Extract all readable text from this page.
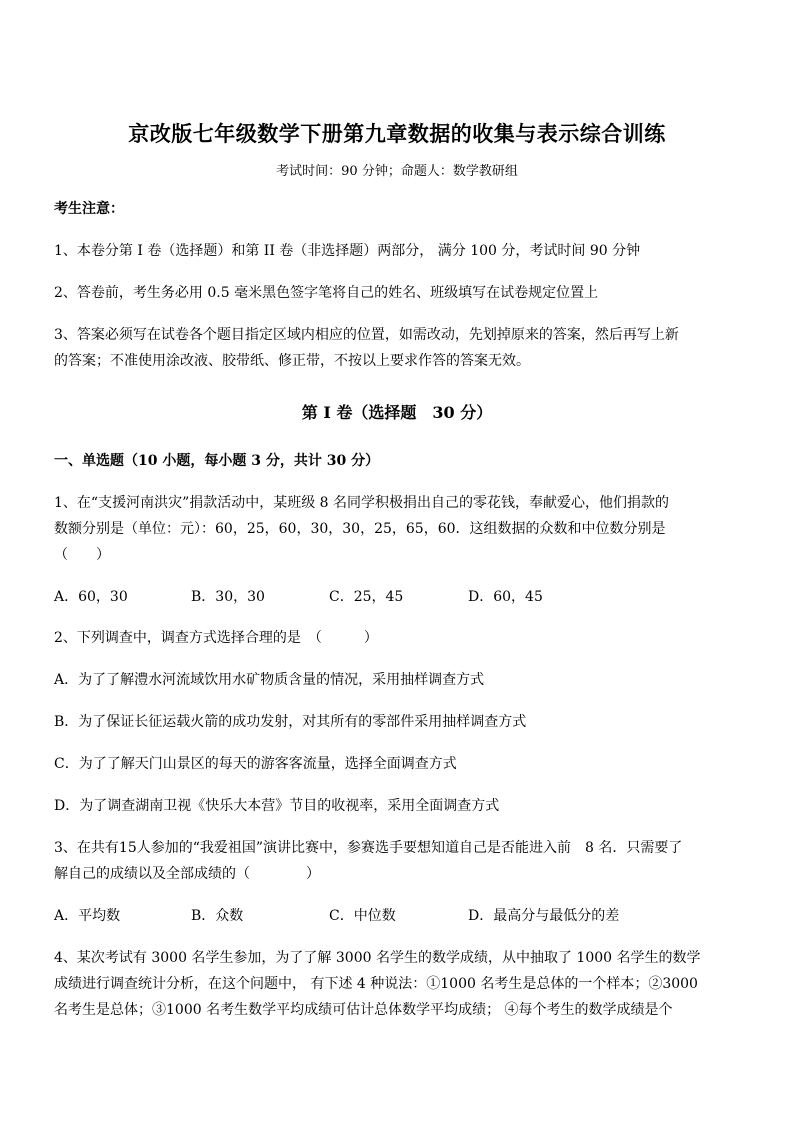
京改版七年级数学下册第九章数据的收集与表示综合训练
考试时间：90 分钟；命题人：数学教研组
考生注意：
1、本卷分第 I 卷（选择题）和第 II 卷（非选择题）两部分， 满分 100 分，考试时间 90 分钟
2、答卷前，考生务必用 0.5 毫米黑色签字笔将自己的姓名、班级填写在试卷规定位置上
3、答案必须写在试卷各个题目指定区域内相应的位置，如需改动，先划掉原来的答案，然后再写上新
的答案；不准使用涂改液、胶带纸、修正带，不按以上要求作答的答案无效。
第 I 卷（选择题　30 分）
一、单选题（10 小题，每小题 3 分，共计 30 分）
1、在“支援河南洪灾”捐款活动中，某班级 8 名同学积极捐出自己的零花钱，奉献爱心，他们捐款的
数额分别是（单位：元）：60，25，60，30，30，25，65，60．这组数据的众数和中位数分别是
（　　）
A．60，30	B．30，30	C．25，45	D．60，45
2、下列调查中，调查方式选择合理的是　（　　　）
A．为了了解澧水河流域饮用水矿物质含量的情况，采用抽样调查方式
B．为了保证长征运载火箭的成功发射，对其所有的零部件采用抽样调查方式
C．为了了解天门山景区的每天的游客客流量，选择全面调查方式
D．为了调查湖南卫视《快乐大本营》节目的收视率，采用全面调查方式
3、在共有15人参加的“我爱祖国”演讲比赛中，参赛选手要想知道自己是否能进入前　8 名．只需要了
解自己的成绩以及全部成绩的（　　　　）
A．平均数	B．众数	C．中位数	D．最高分与最低分的差
4、某次考试有 3000 名学生参加，为了了解 3000 名学生的数学成绩，从中抽取了 1000 名学生的数学
成绩进行调查统计分析，在这个问题中， 有下述 4 种说法：①1000 名考生是总体的一个样本；②3000
名考生是总体；③1000 名考生数学平均成绩可估计总体数学平均成绩； ④每个考生的数学成绩是个
